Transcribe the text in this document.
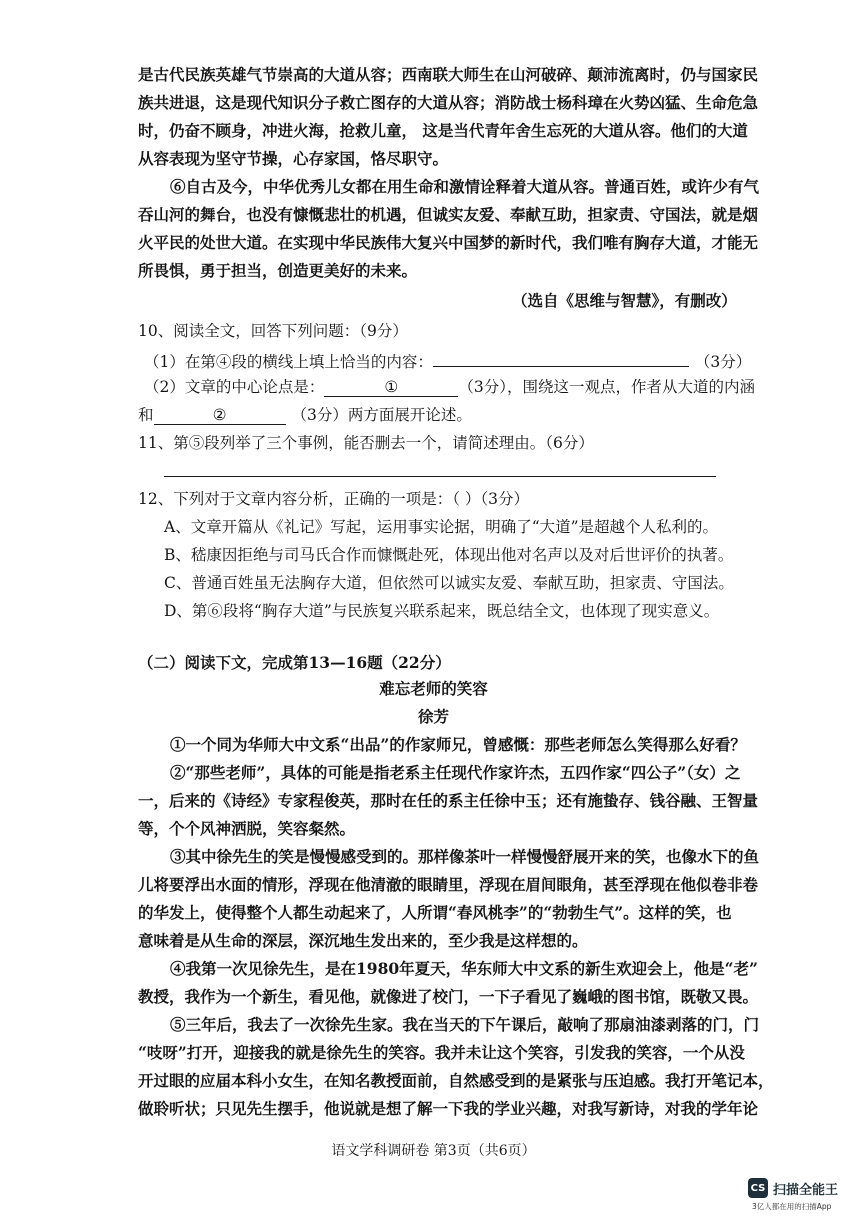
是古代民族英雄气节崇高的大道从容；西南联大师生在山河破碎、颠沛流离时，仍与国家民
族共进退，这是现代知识分子救亡图存的大道从容；消防战士杨科璋在火势凶猛、生命危急
时，仍奋不顾身，冲进火海，抢救儿童， 这是当代青年舍生忘死的大道从容。他们的大道
从容表现为坚守节操，心存家国，恪尽职守。
⑥自古及今，中华优秀儿女都在用生命和激情诠释着大道从容。普通百姓，或许少有气
吞山河的舞台，也没有慷慨悲壮的机遇，但诚实友爱、奉献互助，担家责、守国法，就是烟
火平民的处世大道。在实现中华民族伟大复兴中国梦的新时代，我们唯有胸存大道，才能无
所畏惧，勇于担当，创造更美好的未来。
（选自《思维与智慧》，有删改）
10、阅读全文，回答下列问题：（9分）
（1）在第④段的横线上填上恰当的内容：	（3分）
（2）文章的中心论点是：	①	（3分），围绕这一观点，作者从大道的内涵
和	②	（3分）两方面展开论述。
11、第⑤段列举了三个事例，能否删去一个，请简述理由。（6分）
12、下列对于文章内容分析，正确的一项是：（ ）（3分）
A、文章开篇从《礼记》写起，运用事实论据，明确了“大道”是超越个人私利的。
B、嵇康因拒绝与司马氏合作而慷慨赴死，体现出他对名声以及对后世评价的执著。
C、普通百姓虽无法胸存大道，但依然可以诚实友爱、奉献互助，担家责、守国法。
D、第⑥段将“胸存大道”与民族复兴联系起来，既总结全文，也体现了现实意义。
（二）阅读下文，完成第13—16题（22分）
难忘老师的笑容
徐芳
①一个同为华师大中文系“出品”的作家师兄，曾感慨：那些老师怎么笑得那么好看？
②“那些老师”，具体的可能是指老系主任现代作家许杰，五四作家“四公子”（女）之
一，后来的《诗经》专家程俊英，那时在任的系主任徐中玉；还有施蛰存、钱谷融、王智量
等，个个风神洒脱，笑容粲然。
③其中徐先生的笑是慢慢感受到的。那样像茶叶一样慢慢舒展开来的笑，也像水下的鱼
儿将要浮出水面的情形，浮现在他清澈的眼睛里，浮现在眉间眼角，甚至浮现在他似卷非卷
的华发上，使得整个人都生动起来了，人所谓“春风桃李”的“勃勃生气”。这样的笑，也
意味着是从生命的深层，深沉地生发出来的，至少我是这样想的。
④我第一次见徐先生，是在1980年夏天，华东师大中文系的新生欢迎会上，他是“老”
教授，我作为一个新生，看见他，就像进了校门，一下子看见了巍峨的图书馆，既敬又畏。
⑤三年后，我去了一次徐先生家。我在当天的下午课后，敲响了那扇油漆剥落的门，门
“吱呀”打开，迎接我的就是徐先生的笑容。我并未让这个笑容，引发我的笑容，一个从没
开过眼的应届本科小女生，在知名教授面前，自然感受到的是紧张与压迫感。我打开笔记本，
做聆听状；只见先生摆手，他说就是想了解一下我的学业兴趣，对我写新诗，对我的学年论
语文学科调研卷 第3页（共6页）
CS 扫描全能王
3亿人都在用的扫描App
